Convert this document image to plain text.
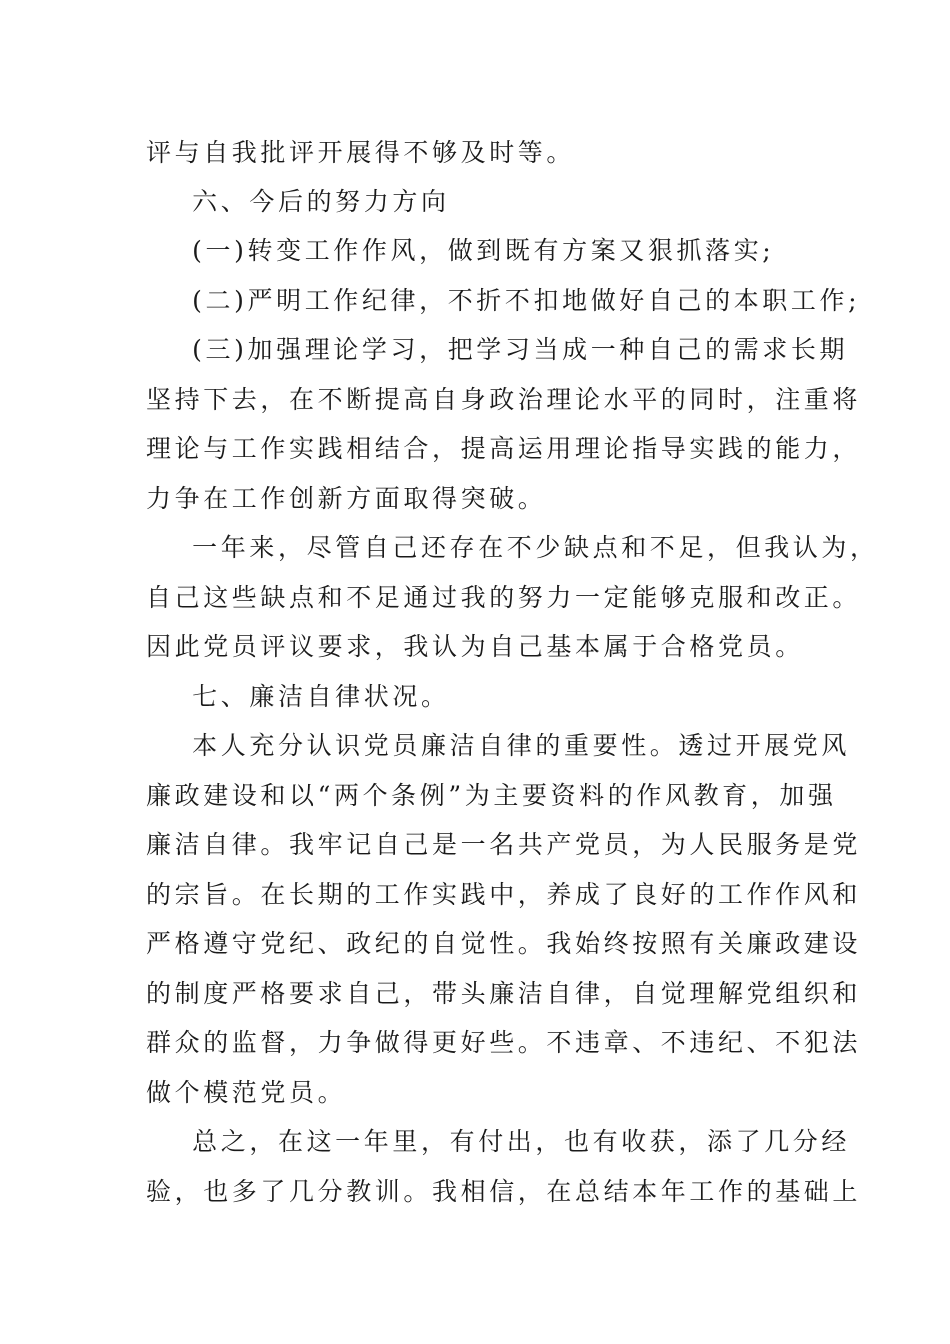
评与自我批评开展得不够及时等。

六、今后的努力方向

(一)转变工作作风，做到既有方案又狠抓落实;

(二)严明工作纪律，不折不扣地做好自己的本职工作;

(三)加强理论学习，把学习当成一种自己的需求长期

坚持下去，在不断提高自身政治理论水平的同时，注重将

理论与工作实践相结合，提高运用理论指导实践的能力，

力争在工作创新方面取得突破。

一年来，尽管自己还存在不少缺点和不足，但我认为，

自己这些缺点和不足通过我的努力一定能够克服和改正。

因此党员评议要求，我认为自己基本属于合格党员。

七、廉洁自律状况。

本人充分认识党员廉洁自律的重要性。透过开展党风

廉政建设和以“两个条例”为主要资料的作风教育，加强

廉洁自律。我牢记自己是一名共产党员，为人民服务是党

的宗旨。在长期的工作实践中，养成了良好的工作作风和

严格遵守党纪、政纪的自觉性。我始终按照有关廉政建设

的制度严格要求自己，带头廉洁自律，自觉理解党组织和

群众的监督，力争做得更好些。不违章、不违纪、不犯法

做个模范党员。

总之，在这一年里，有付出，也有收获，添了几分经

验，也多了几分教训。我相信，在总结本年工作的基础上
